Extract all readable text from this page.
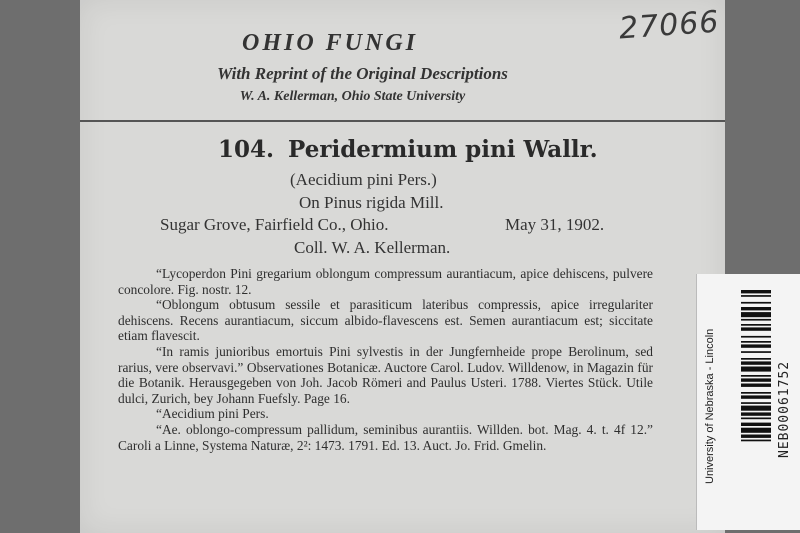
27066
OHIO FUNGI
With Reprint of the Original Descriptions
W. A. Kellerman, Ohio State University
104. Peridermium pini Wallr.
(Aecidium pini Pers.)
On Pinus rigida Mill.
Sugar Grove, Fairfield Co., Ohio.	May 31, 1902.
Coll. W. A. Kellerman.

“Lycoperdon Pini gregarium oblongum compressum aurantiacum, apice dehiscens, pulvere concolore. Fig. nostr. 12.

“Oblongum obtusum sessile et parasiticum lateribus compressis, apice irregulariter dehiscens. Recens aurantiacum, siccum albido-flavescens est. Semen aurantiacum est; siccitate etiam flavescit.

“In ramis junioribus emortuis Pini sylvestis in der Jungfernheide prope Berolinum, sed rarius, vere observavi.” Observationes Botanicæ. Auctore Carol. Ludov. Willdenow, in Magazin für die Botanik. Herausgegeben von Joh. Jacob Römeri and Paulus Usteri. 1788. Viertes Stück. Utile dulci, Zurich, bey Johann Fuefsly. Page 16.

“Aecidium pini Pers.

“Ae. oblongo-compressum pallidum, seminibus aurantiis. Willden. bot. Mag. 4. t. 4f 12.” Caroli a Linne, Systema Naturæ, 2²: 1473. 1791. Ed. 13. Auct. Jo. Frid. Gmelin.	University of Nebraska - Lincoln	NEB00061752
